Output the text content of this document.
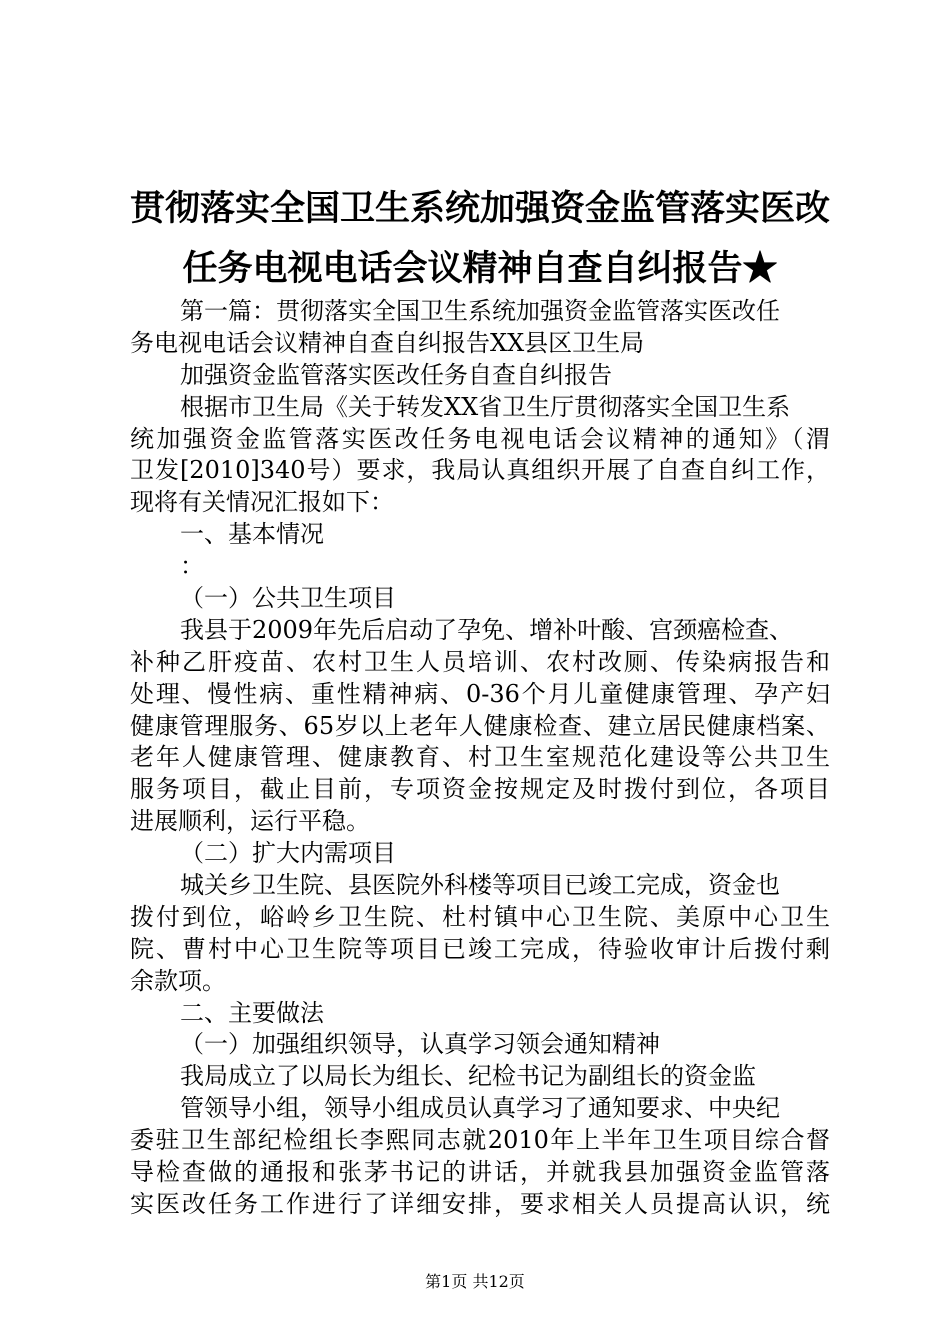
贯彻落实全国卫生系统加强资金监管落实医改
任务电视电话会议精神自查自纠报告★
第一篇：贯彻落实全国卫生系统加强资金监管落实医改任
务电视电话会议精神自查自纠报告XX县区卫生局
加强资金监管落实医改任务自查自纠报告
根据市卫生局《关于转发XX省卫生厅贯彻落实全国卫生系
统加强资金监管落实医改任务电视电话会议精神的通知》（渭
卫发[2010]340号）要求，我局认真组织开展了自查自纠工作，
现将有关情况汇报如下：
一、基本情况
：
（一）公共卫生项目
我县于2009年先后启动了孕免、增补叶酸、宫颈癌检查、
补种乙肝疫苗、农村卫生人员培训、农村改厕、传染病报告和
处理、慢性病、重性精神病、0-36个月儿童健康管理、孕产妇
健康管理服务、65岁以上老年人健康检查、建立居民健康档案、
老年人健康管理、健康教育、村卫生室规范化建设等公共卫生
服务项目，截止目前，专项资金按规定及时拨付到位，各项目
进展顺利，运行平稳。
（二）扩大内需项目
城关乡卫生院、县医院外科楼等项目已竣工完成，资金也
拨付到位，峪岭乡卫生院、杜村镇中心卫生院、美原中心卫生
院、曹村中心卫生院等项目已竣工完成，待验收审计后拨付剩
余款项。
二、主要做法
（一）加强组织领导，认真学习领会通知精神
我局成立了以局长为组长、纪检书记为副组长的资金监
管领导小组，领导小组成员认真学习了通知要求、中央纪
委驻卫生部纪检组长李熙同志就2010年上半年卫生项目综合督
导检查做的通报和张茅书记的讲话，并就我县加强资金监管落
实医改任务工作进行了详细安排，要求相关人员提高认识，统
第1页 共12页
